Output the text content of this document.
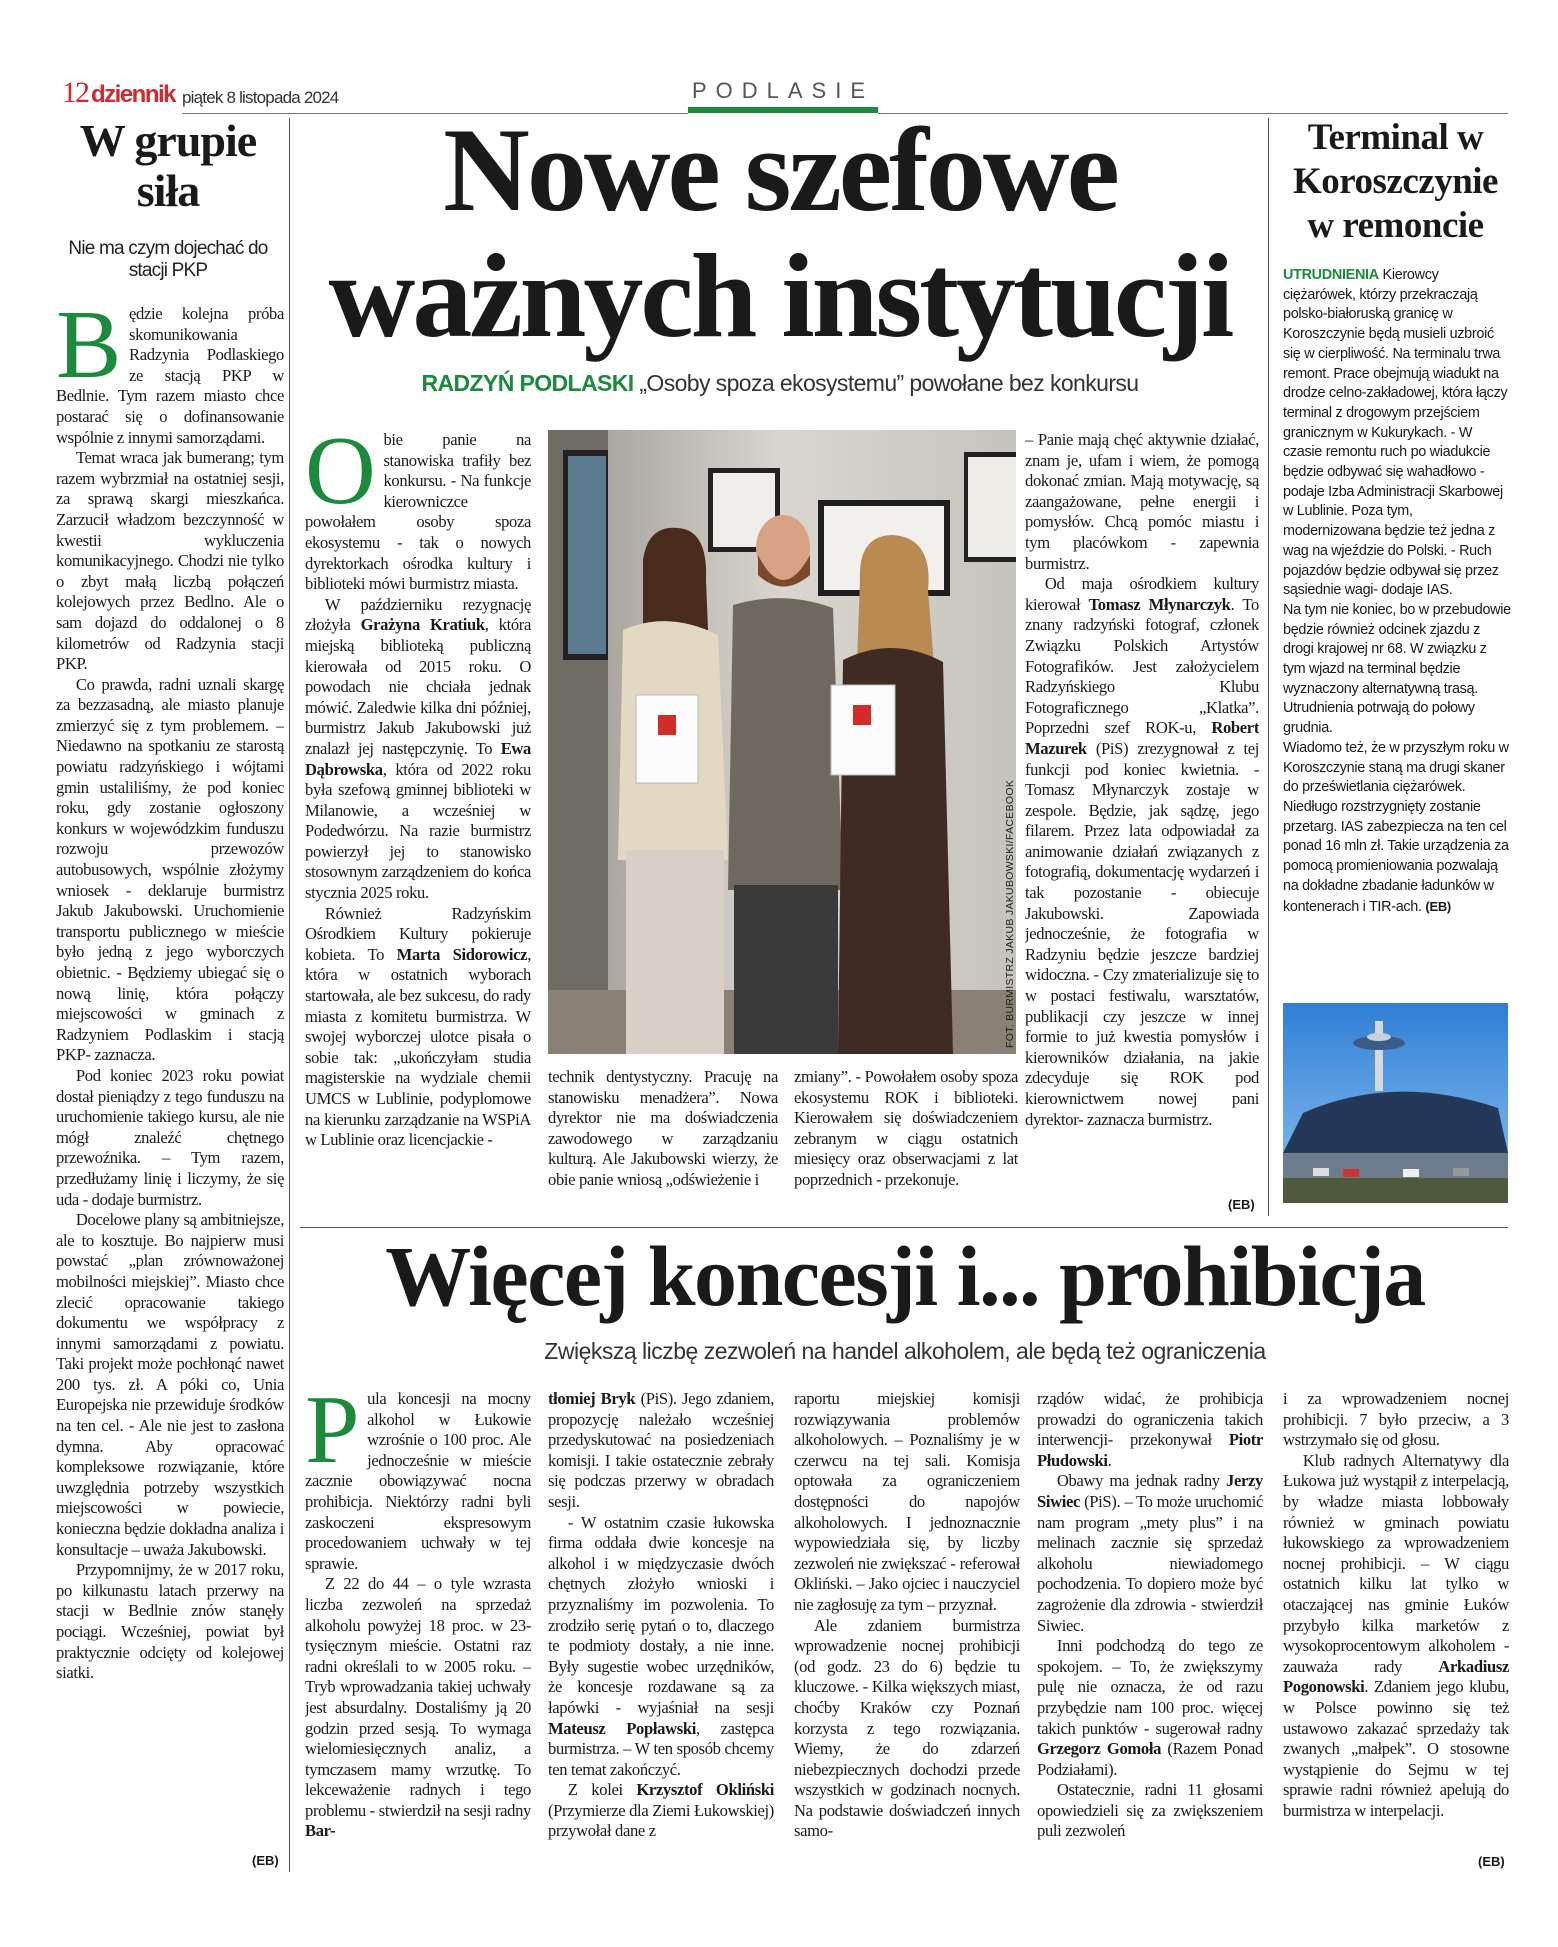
12 dziennik piątek 8 listopada 2024	PODLASIE
W grupie
siła
Nie ma czym dojechać do stacji PKP
B ędzie kolejna próba skomunikowania Radzynia Podlaskiego ze stacją PKP w Bedlnie. Tym razem miasto chce postarać się o dofinansowanie wspólnie z innymi samorządami.

Temat wraca jak bumerang; tym razem wybrzmiał na ostatniej sesji, za sprawą skargi mieszkańca. Zarzucił władzom bezczynność w kwestii wykluczenia komunikacyjnego. Chodzi nie tylko o zbyt małą liczbą połączeń kolejowych przez Bedlno. Ale o sam dojazd do oddalonej o 8 kilometrów od Radzynia stacji PKP.

Co prawda, radni uznali skargę za bezzasadną, ale miasto planuje zmierzyć się z tym problemem. – Niedawno na spotkaniu ze starostą powiatu radzyńskiego i wójtami gmin ustaliliśmy, że pod koniec roku, gdy zostanie ogłoszony konkurs w wojewódzkim funduszu rozwoju przewozów autobusowych, wspólnie złożymy wniosek - deklaruje burmistrz Jakub Jakubowski. Uruchomienie transportu publicznego w mieście było jedną z jego wyborczych obietnic. - Będziemy ubiegać się o nową linię, która połączy miejscowości w gminach z Radzyniem Podlaskim i stacją PKP- zaznacza.

Pod koniec 2023 roku powiat dostał pieniądzy z tego funduszu na uruchomienie takiego kursu, ale nie mógł znaleźć chętnego przewoźnika. – Tym razem, przedłużamy linię i liczymy, że się uda - dodaje burmistrz.

Docelowe plany są ambitniejsze, ale to kosztuje. Bo najpierw musi powstać „plan zrównoważonej mobilności miejskiej”. Miasto chce zlecić opracowanie takiego dokumentu we współpracy z innymi samorządami z powiatu. Taki projekt może pochłonąć nawet 200 tys. zł. A póki co, Unia Europejska nie przewiduje środków na ten cel. - Ale nie jest to zasłona dymna. Aby opracować kompleksowe rozwiązanie, które uwzględnia potrzeby wszystkich miejscowości w powiecie, konieczna będzie dokładna analiza i konsultacje – uważa Jakubowski.

Przypomnijmy, że w 2017 roku, po kilkunastu latach przerwy na stacji w Bedlnie znów stanęły pociągi. Wcześniej, powiat był praktycznie odcięty od kolejowej siatki.

(EB)
Nowe szefowe
ważnych instytucji
RADZYŃ PODLASKI „Osoby spoza ekosystemu” powołane bez konkursu
O bie panie na stanowiska trafiły bez konkursu. - Na funkcje kierowniczce powołałem osoby spoza ekosystemu - tak o nowych dyrektorkach ośrodka kultury i biblioteki mówi burmistrz miasta.

W październiku rezygnację złożyła Grażyna Kratiuk, która miejską biblioteką publiczną kierowała od 2015 roku. O powodach nie chciała jednak mówić. Zaledwie kilka dni później, burmistrz Jakub Jakubowski już znalazł jej następczynię. To Ewa Dąbrowska, która od 2022 roku była szefową gminnej biblioteki w Milanowie, a wcześniej w Podedwórzu. Na razie burmistrz powierzył jej to stanowisko stosownym zarządzeniem do końca stycznia 2025 roku.

Również Radzyńskim Ośrodkiem Kultury pokieruje kobieta. To Marta Sidorowicz, która w ostatnich wyborach startowała, ale bez sukcesu, do rady miasta z komitetu burmistrza. W swojej wyborczej ulotce pisała o sobie tak: „ukończyłam studia magisterskie na wydziale chemii UMCS w Lublinie, podyplomowe na kierunku zarządzanie na WSPiA w Lublinie oraz licencjackie -

FOT. BURMISTRZ JAKUB JAKUBOWSKI/FACEBOOK

technik dentystyczny. Pracuję na stanowisku menadżera”. Nowa dyrektor nie ma doświadczenia zawodowego w zarządzaniu kulturą. Ale Jakubowski wierzy, że obie panie wniosą „odświeżenie i

zmiany”. - Powołałem osoby spoza ekosystemu ROK i biblioteki. Kierowałem się doświadczeniem zebranym w ciągu ostatnich miesięcy oraz obserwacjami z lat poprzednich - przekonuje.

– Panie mają chęć aktywnie działać, znam je, ufam i wiem, że pomogą dokonać zmian. Mają motywację, są zaangażowane, pełne energii i pomysłów. Chcą pomóc miastu i tym placówkom - zapewnia burmistrz.

Od maja ośrodkiem kultury kierował Tomasz Młynarczyk. To znany radzyński fotograf, członek Związku Polskich Artystów Fotografików. Jest założycielem Radzyńskiego Klubu Fotograficznego „Klatka”. Poprzedni szef ROK-u, Robert Mazurek (PiS) zrezygnował z tej funkcji pod koniec kwietnia. - Tomasz Młynarczyk zostaje w zespole. Będzie, jak sądzę, jego filarem. Przez lata odpowiadał za animowanie działań związanych z fotografią, dokumentację wydarzeń i tak pozostanie - obiecuje Jakubowski. Zapowiada jednocześnie, że fotografia w Radzyniu będzie jeszcze bardziej widoczna. - Czy zmaterializuje się to w postaci festiwalu, warsztatów, publikacji czy jeszcze w innej formie to już kwestia pomysłów i kierowników działania, na jakie zdecyduje się ROK pod kierownictwem nowej pani dyrektor- zaznacza burmistrz.

(EB)
Terminal w Koroszczynie w remoncie

UTRUDNIENIA Kierowcy ciężarówek, którzy przekraczają polsko-białoruską granicę w Koroszczynie będą musieli uzbroić się w cierpliwość. Na terminalu trwa remont. Prace obejmują wiadukt na drodze celno-zakładowej, która łączy terminal z drogowym przejściem granicznym w Kukurykach. - W czasie remontu ruch po wiadukcie będzie odbywać się wahadłowo - podaje Izba Administracji Skarbowej w Lublinie. Poza tym, modernizowana będzie też jedna z wag na wjeździe do Polski. - Ruch pojazdów będzie odbywał się przez sąsiednie wagi- dodaje IAS.

Na tym nie koniec, bo w przebudowie będzie również odcinek zjazdu z drogi krajowej nr 68. W związku z tym wjazd na terminal będzie wyznaczony alternatywną trasą. Utrudnienia potrwają do połowy grudnia.

Wiadomo też, że w przyszłym roku w Koroszczynie staną ma drugi skaner do prześwietlania ciężarówek. Niedługo rozstrzygnięty zostanie przetarg. IAS zabezpiecza na ten cel ponad 16 mln zł. Takie urządzenia za pomocą promieniowania pozwalają na dokładne zbadanie ładunków w kontenerach i TIR-ach. (EB)

Więcej koncesji i... prohibicja
Zwiększą liczbę zezwoleń na handel alkoholem, ale będą też ograniczenia
P ula koncesji na mocny alkohol w Łukowie wzrośnie o 100 proc. Ale jednocześnie w mieście zacznie obowiązywać nocna prohibicja. Niektórzy radni byli zaskoczeni ekspresowym procedowaniem uchwały w tej sprawie.

Z 22 do 44 – o tyle wzrasta liczba zezwoleń na sprzedaż alkoholu powyżej 18 proc. w 23-tysięcznym mieście. Ostatni raz radni określali to w 2005 roku. – Tryb wprowadzania takiej uchwały jest absurdalny. Dostaliśmy ją 20 godzin przed sesją. To wymaga wielomiesięcznych analiz, a tymczasem mamy wrzutkę. To lekceważenie radnych i tego problemu - stwierdził na sesji radny Bar-

tłomiej Bryk (PiS). Jego zdaniem, propozycję należało wcześniej przedyskutować na posiedzeniach komisji. I takie ostatecznie zebrały się podczas przerwy w obradach sesji.

- W ostatnim czasie łukowska firma oddała dwie koncesje na alkohol i w międzyczasie dwóch chętnych złożyło wnioski i przyznaliśmy im pozwolenia. To zrodziło serię pytań o to, dlaczego te podmioty dostały, a nie inne. Były sugestie wobec urzędników, że koncesje rozdawane są za łapówki - wyjaśniał na sesji Mateusz Popławski, zastępca burmistrza. – W ten sposób chcemy ten temat zakończyć.

Z kolei Krzysztof Okliński (Przymierze dla Ziemi Łukowskiej) przywołał dane z

raportu miejskiej komisji rozwiązywania problemów alkoholowych. – Poznaliśmy je w czerwcu na tej sali. Komisja optowała za ograniczeniem dostępności do napojów alkoholowych. I jednoznacznie wypowiedziała się, by liczby zezwoleń nie zwiększać - referował Okliński. – Jako ojciec i nauczyciel nie zagłosuję za tym – przyznał.

Ale zdaniem burmistrza wprowadzenie nocnej prohibicji (od godz. 23 do 6) będzie tu kluczowe. - Kilka większych miast, choćby Kraków czy Poznań korzysta z tego rozwiązania. Wiemy, że do zdarzeń niebezpiecznych dochodzi przede wszystkich w godzinach nocnych. Na podstawie doświadczeń innych samo-

rządów widać, że prohibicja prowadzi do ograniczenia takich interwencji- przekonywał Piotr Płudowski.

Obawy ma jednak radny Jerzy Siwiec (PiS). – To może uruchomić nam program „mety plus” i na melinach zacznie się sprzedaż alkoholu niewiadomego pochodzenia. To dopiero może być zagrożenie dla zdrowia - stwierdził Siwiec.

Inni podchodzą do tego ze spokojem. – To, że zwiększymy pulę nie oznacza, że od razu przybędzie nam 100 proc. więcej takich punktów - sugerował radny Grzegorz Gomoła (Razem Ponad Podziałami).

Ostatecznie, radni 11 głosami opowiedzieli się za zwiększeniem puli zezwoleń

i za wprowadzeniem nocnej prohibicji. 7 było przeciw, a 3 wstrzymało się od głosu.

Klub radnych Alternatywy dla Łukowa już wystąpił z interpelacją, by władze miasta lobbowały również w gminach powiatu łukowskiego za wprowadzeniem nocnej prohibicji. – W ciągu ostatnich kilku lat tylko w otaczającej nas gminie Łuków przybyło kilka marketów z wysokoprocentowym alkoholem - zauważa rady Arkadiusz Pogonowski. Zdaniem jego klubu, w Polsce powinno się też ustawowo zakazać sprzedaży tak zwanych „małpek”. O stosowne wystąpienie do Sejmu w tej sprawie radni również apelują do burmistrza w interpelacji.

(EB)
